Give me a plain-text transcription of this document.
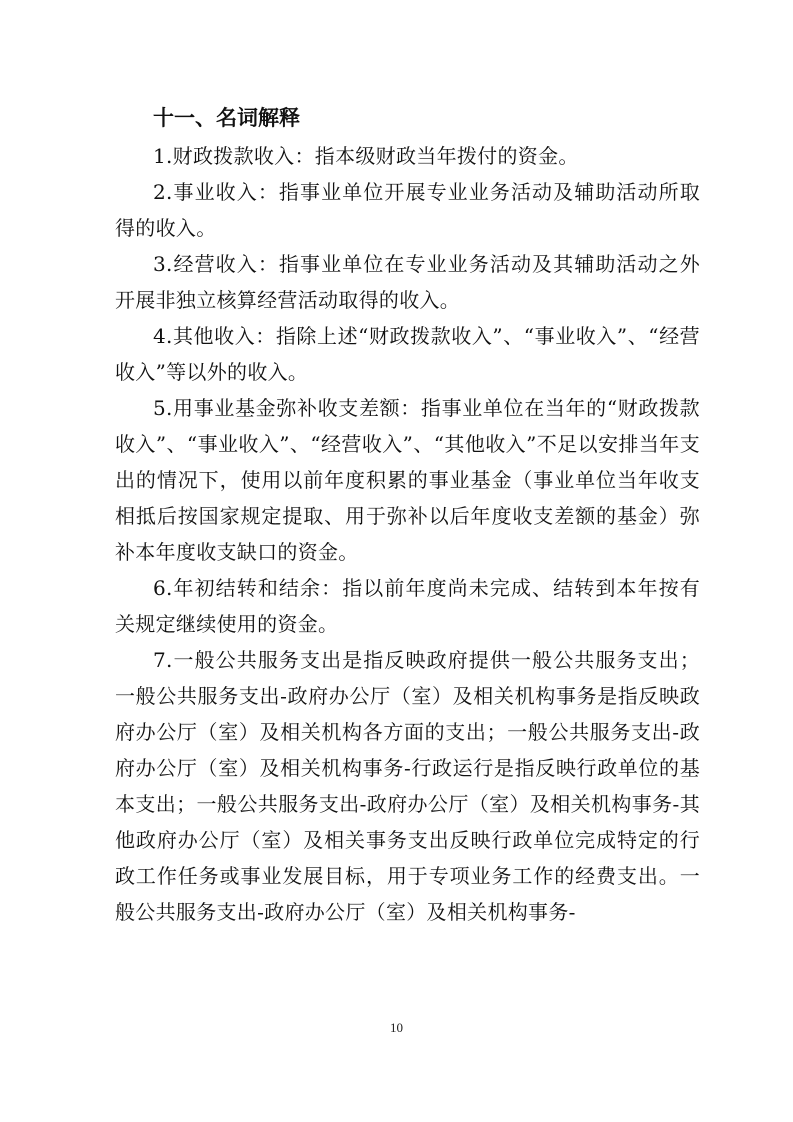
十一、名词解释

1.财政拨款收入：指本级财政当年拨付的资金。

2.事业收入：指事业单位开展专业业务活动及辅助活动所取得的收入。

3.经营收入：指事业单位在专业业务活动及其辅助活动之外开展非独立核算经营活动取得的收入。

4.其他收入：指除上述“财政拨款收入”、“事业收入”、“经营收入”等以外的收入。

5.用事业基金弥补收支差额：指事业单位在当年的“财政拨款收入”、“事业收入”、“经营收入”、“其他收入”不足以安排当年支出的情况下，使用以前年度积累的事业基金（事业单位当年收支相抵后按国家规定提取、用于弥补以后年度收支差额的基金）弥补本年度收支缺口的资金。

6.年初结转和结余：指以前年度尚未完成、结转到本年按有关规定继续使用的资金。

7.一般公共服务支出是指反映政府提供一般公共服务支出；一般公共服务支出-政府办公厅（室）及相关机构事务是指反映政府办公厅（室）及相关机构各方面的支出；一般公共服务支出-政府办公厅（室）及相关机构事务-行政运行是指反映行政单位的基本支出；一般公共服务支出-政府办公厅（室）及相关机构事务-其他政府办公厅（室）及相关事务支出反映行政单位完成特定的行政工作任务或事业发展目标，用于专项业务工作的经费支出。一般公共服务支出-政府办公厅（室）及相关机构事务-

10
